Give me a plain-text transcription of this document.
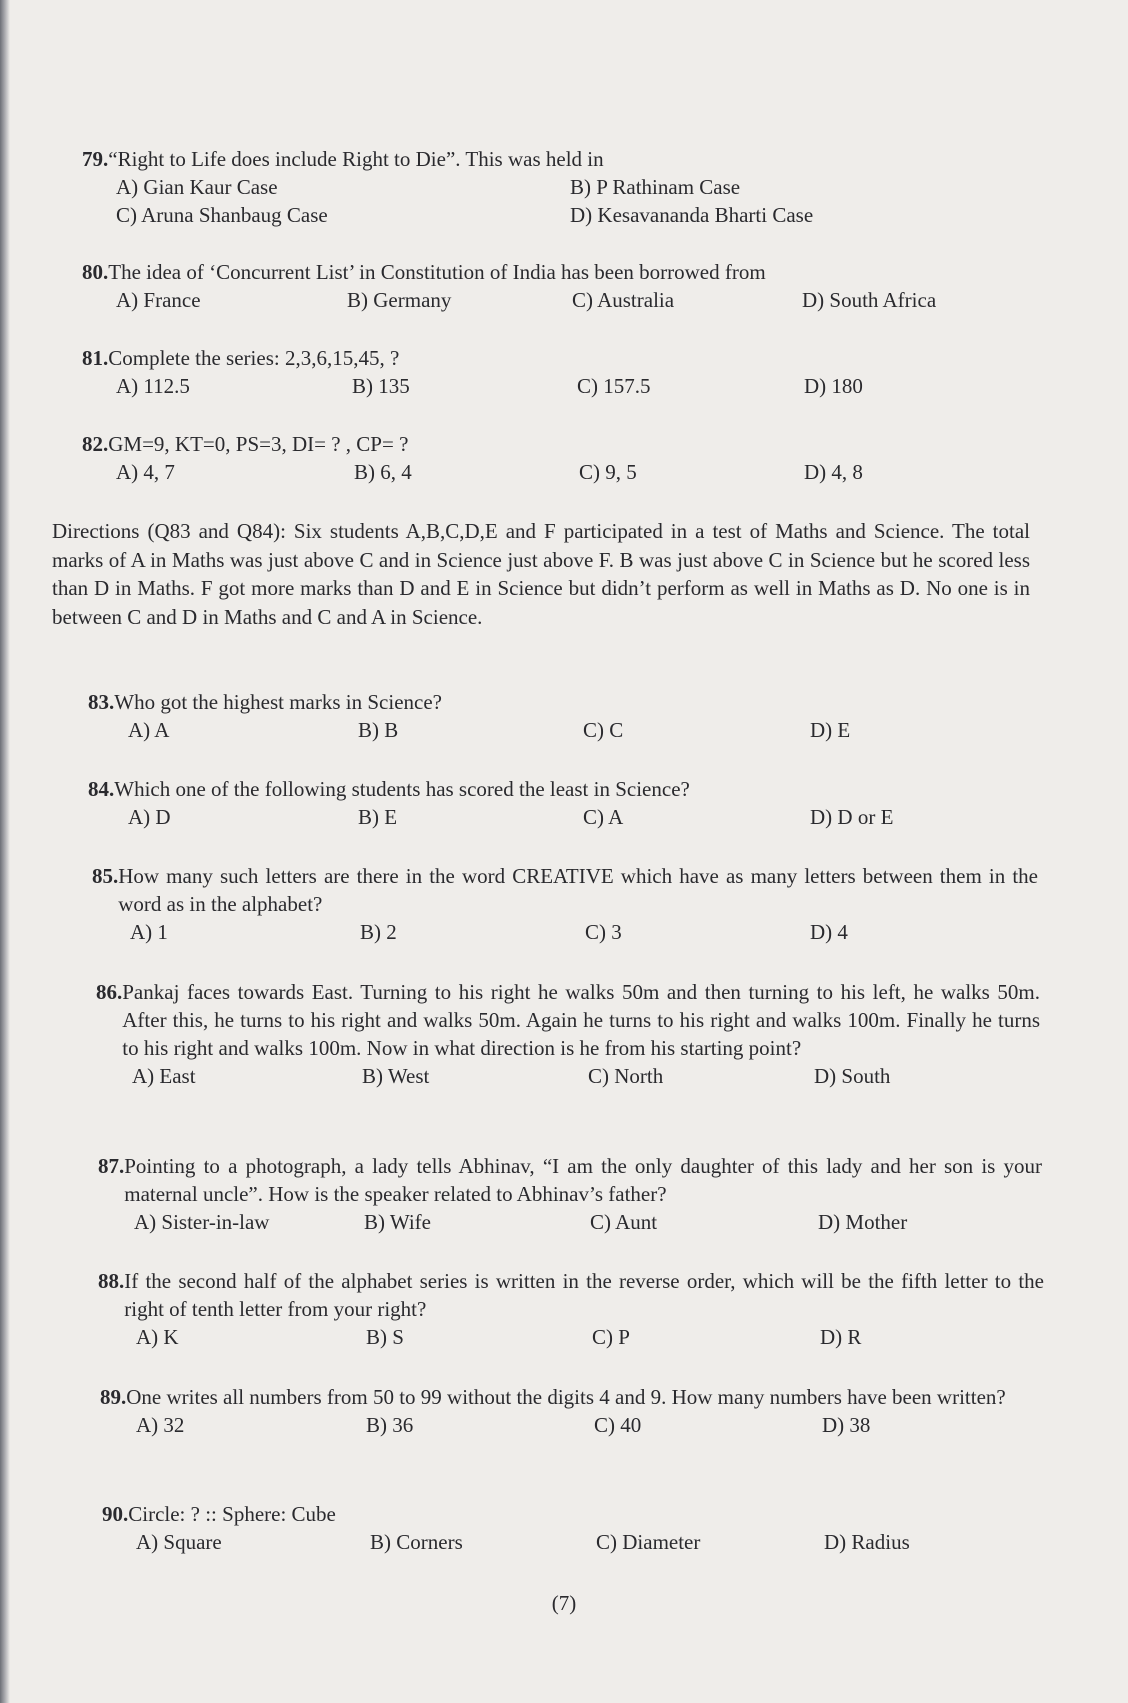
79. “Right to Life does include Right to Die”. This was held in
A) Gian Kaur Case	B) P Rathinam Case
C) Aruna Shanbaug Case	D) Kesavananda Bharti Case
80. The idea of ‘Concurrent List’ in Constitution of India has been borrowed from
A) France	B) Germany	C) Australia	D) South Africa
81. Complete the series: 2,3,6,15,45, ?
A) 112.5	B) 135	C) 157.5	D) 180
82. GM=9, KT=0, PS=3, DI= ? , CP= ?
A) 4, 7	B) 6, 4	C) 9, 5	D) 4, 8
Directions (Q83 and Q84): Six students A,B,C,D,E and F participated in a test of Maths and Science. The total marks of A in Maths was just above C and in Science just above F. B was just above C in Science but he scored less than D in Maths. F got more marks than D and E in Science but didn’t perform as well in Maths as D. No one is in between C and D in Maths and C and A in Science.
83. Who got the highest marks in Science?
A) A	B) B	C) C	D) E
84. Which one of the following students has scored the least in Science?
A) D	B) E	C) A	D) D or E
85. How many such letters are there in the word CREATIVE which have as many letters between them in the word as in the alphabet?
A) 1	B) 2	C) 3	D) 4
86. Pankaj faces towards East. Turning to his right he walks 50m and then turning to his left, he walks 50m. After this, he turns to his right and walks 50m. Again he turns to his right and walks 100m. Finally he turns to his right and walks 100m. Now in what direction is he from his starting point?
A) East	B) West	C) North	D) South
87. Pointing to a photograph, a lady tells Abhinav, “I am the only daughter of this lady and her son is your maternal uncle”. How is the speaker related to Abhinav’s father?
A) Sister-in-law	B) Wife	C) Aunt	D) Mother
88. If the second half of the alphabet series is written in the reverse order, which will be the fifth letter to the right of tenth letter from your right?
A) K	B) S	C) P	D) R
89. One writes all numbers from 50 to 99 without the digits 4 and 9. How many numbers have been written?
A) 32	B) 36	C) 40	D) 38
90. Circle: ? :: Sphere: Cube
A) Square	B) Corners	C) Diameter	D) Radius
(7)
